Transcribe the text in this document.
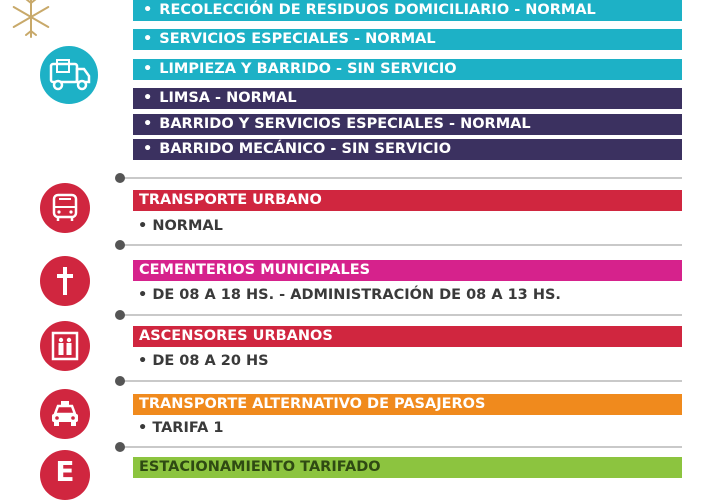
• RECOLECCIÓN DE RESIDUOS DOMICILIARIO - NORMAL
• SERVICIOS ESPECIALES - NORMAL
• LIMPIEZA Y BARRIDO - SIN SERVICIO
• LIMSA - NORMAL
• BARRIDO Y SERVICIOS ESPECIALES - NORMAL
• BARRIDO MECÁNICO - SIN SERVICIO
TRANSPORTE URBANO
• NORMAL
CEMENTERIOS MUNICIPALES
• DE 08 A 18 HS. - ADMINISTRACIÓN DE 08 A 13 HS.
ASCENSORES URBANOS
• DE 08 A 20 HS
TRANSPORTE ALTERNATIVO DE PASAJEROS
• TARIFA 1
E	ESTACIONAMIENTO TARIFADO
